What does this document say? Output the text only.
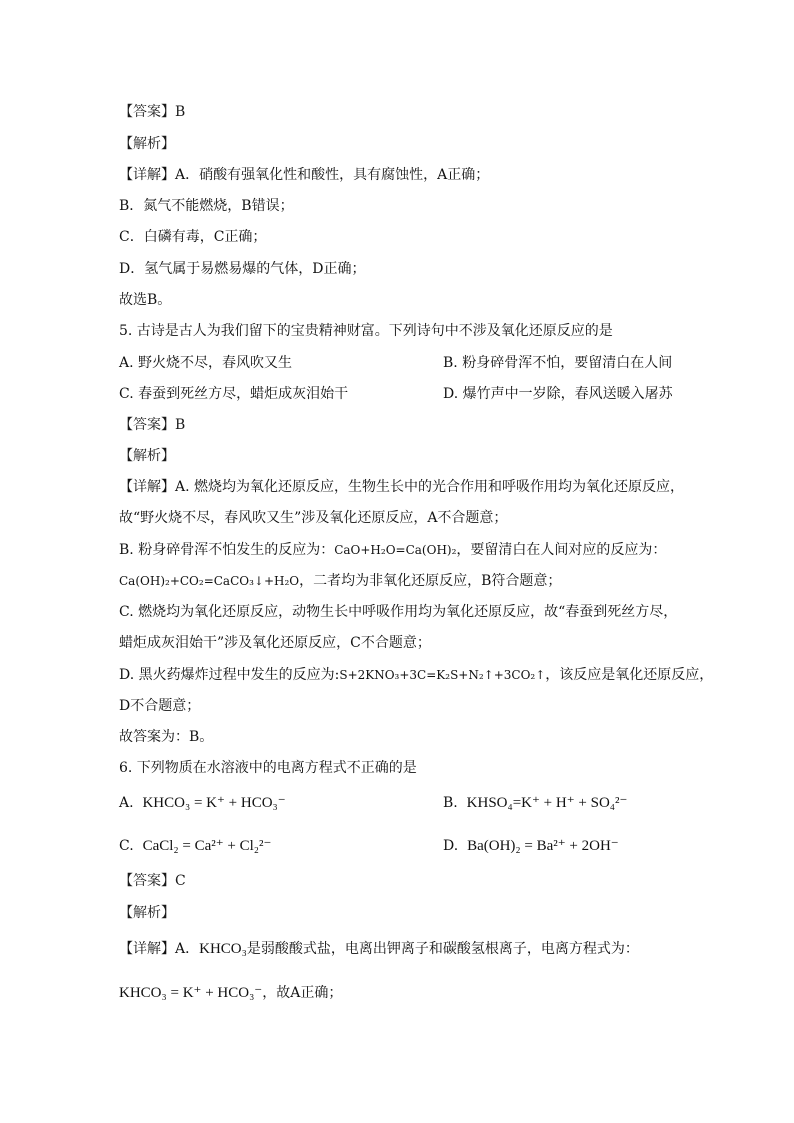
【答案】B
【解析】
【详解】A．硝酸有强氧化性和酸性，具有腐蚀性，A正确；
B．氮气不能燃烧，B错误；
C．白磷有毒，C正确；
D．氢气属于易燃易爆的气体，D正确；
故选B。
5. 古诗是古人为我们留下的宝贵精神财富。下列诗句中不涉及氧化还原反应的是
A. 野火烧不尽，春风吹又生	B. 粉身碎骨浑不怕，要留清白在人间
C. 春蚕到死丝方尽，蜡炬成灰泪始干	D. 爆竹声中一岁除，春风送暖入屠苏
【答案】B
【解析】
【详解】A. 燃烧均为氧化还原反应，生物生长中的光合作用和呼吸作用均为氧化还原反应，
故“野火烧不尽，春风吹又生”涉及氧化还原反应，A不合题意；
B. 粉身碎骨浑不怕发生的反应为：CaO+H₂O=Ca(OH)₂，要留清白在人间对应的反应为：
Ca(OH)₂+CO₂=CaCO₃↓+H₂O，二者均为非氧化还原反应，B符合题意；
C. 燃烧均为氧化还原反应，动物生长中呼吸作用均为氧化还原反应，故“春蚕到死丝方尽，
蜡炬成灰泪始干”涉及氧化还原反应，C不合题意；
D. 黑火药爆炸过程中发生的反应为:S+2KNO₃+3C=K₂S+N₂↑+3CO₂↑，该反应是氧化还原反应，
D不合题意；
故答案为：B。
6. 下列物质在水溶液中的电离方程式不正确的是
A. KHCO₃ = K⁺ + HCO₃⁻	B. KHSO₄=K⁺ + H⁺ + SO₄²⁻
C. CaCl₂ = Ca²⁺ + Cl₂²⁻	D. Ba(OH)₂ = Ba²⁺ + 2OH⁻
【答案】C
【解析】
【详解】A．KHCO₃是弱酸酸式盐，电离出钾离子和碳酸氢根离子，电离方程式为：
KHCO₃ = K⁺ + HCO₃⁻，故A正确；
